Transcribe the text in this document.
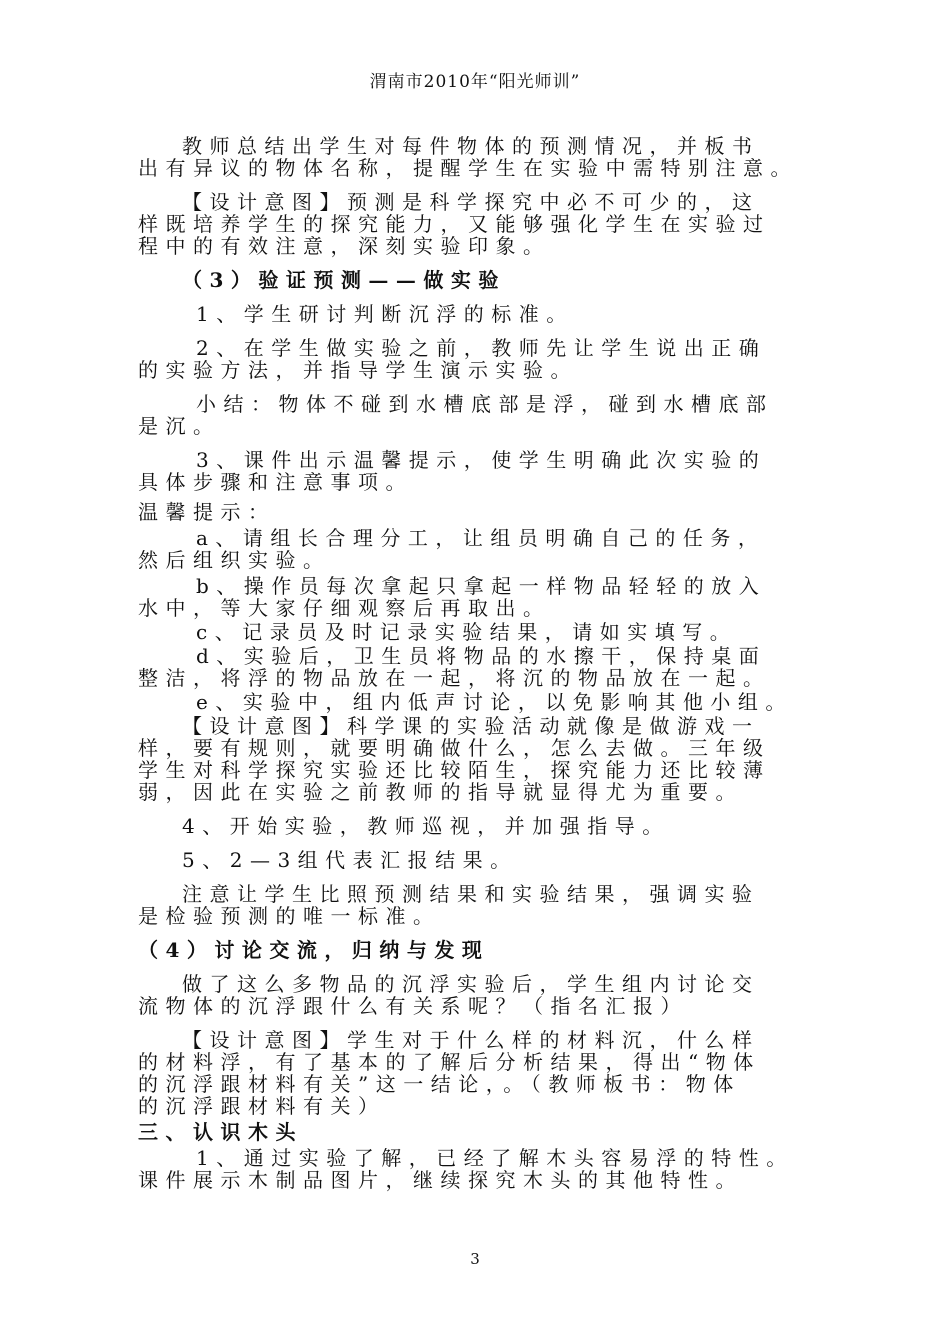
渭南市2010年“阳光师训”
教师总结出学生对每件物体的预测情况，并板书
出有异议的物体名称，提醒学生在实验中需特别注意。
【设计意图】预测是科学探究中必不可少的，这
样既培养学生的探究能力，又能够强化学生在实验过
程中的有效注意，深刻实验印象。
（3）验证预测——做实验
1、学生研讨判断沉浮的标准。
2、在学生做实验之前，教师先让学生说出正确
的实验方法，并指导学生演示实验。
小结：物体不碰到水槽底部是浮，碰到水槽底部
是沉。
3、课件出示温馨提示，使学生明确此次实验的
具体步骤和注意事项。
温馨提示：
a、请组长合理分工，让组员明确自己的任务，
然后组织实验。
b、操作员每次拿起只拿起一样物品轻轻的放入
水中，等大家仔细观察后再取出。
c、记录员及时记录实验结果，请如实填写。
d、实验后，卫生员将物品的水擦干，保持桌面
整洁，将浮的物品放在一起，将沉的物品放在一起。
e、实验中，组内低声讨论，以免影响其他小组。
【设计意图】科学课的实验活动就像是做游戏一
样，要有规则，就要明确做什么，怎么去做。三年级
学生对科学探究实验还比较陌生，探究能力还比较薄
弱，因此在实验之前教师的指导就显得尤为重要。
4、开始实验，教师巡视，并加强指导。
5、2—3组代表汇报结果。
注意让学生比照预测结果和实验结果，强调实验
是检验预测的唯一标准。
（4）讨论交流，归纳与发现
做了这么多物品的沉浮实验后，学生组内讨论交
流物体的沉浮跟什么有关系呢？（指名汇报）
【设计意图】学生对于什么样的材料沉，什么样
的材料浮，有了基本的了解后分析结果，得出“物体
的沉浮跟材料有关”这一结论，。（教师板书：物体
的沉浮跟材料有关）
三、认识木头
1、通过实验了解，已经了解木头容易浮的特性。
课件展示木制品图片，继续探究木头的其他特性。
3
